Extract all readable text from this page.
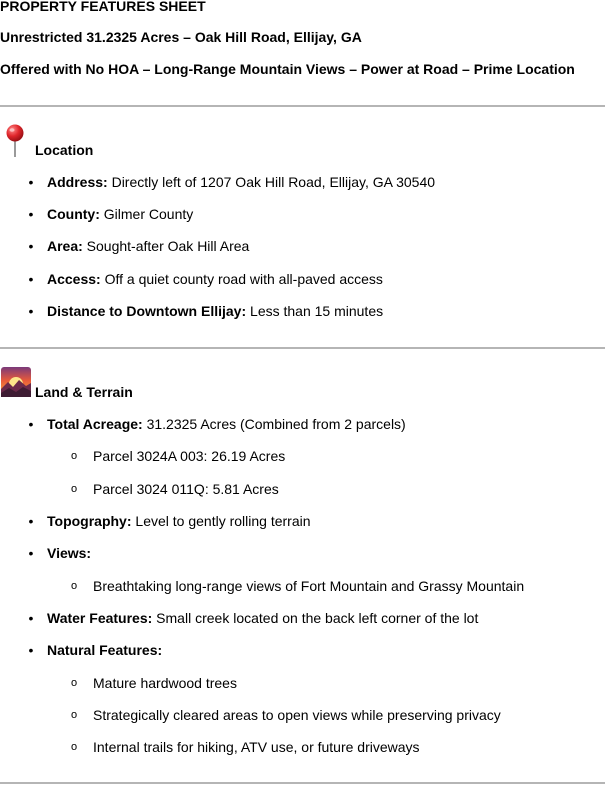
PROPERTY FEATURES SHEET
Unrestricted 31.2325 Acres – Oak Hill Road, Ellijay, GA
Offered with No HOA – Long-Range Mountain Views – Power at Road – Prime Location
Location
• Address: Directly left of 1207 Oak Hill Road, Ellijay, GA 30540
• County: Gilmer County
• Area: Sought-after Oak Hill Area
• Access: Off a quiet county road with all-paved access
• Distance to Downtown Ellijay: Less than 15 minutes
Land & Terrain
• Total Acreage: 31.2325 Acres (Combined from 2 parcels)
o Parcel 3024A 003: 26.19 Acres
o Parcel 3024 011Q: 5.81 Acres
• Topography: Level to gently rolling terrain
• Views:
o Breathtaking long-range views of Fort Mountain and Grassy Mountain
• Water Features: Small creek located on the back left corner of the lot
• Natural Features:
o Mature hardwood trees
o Strategically cleared areas to open views while preserving privacy
o Internal trails for hiking, ATV use, or future driveways
